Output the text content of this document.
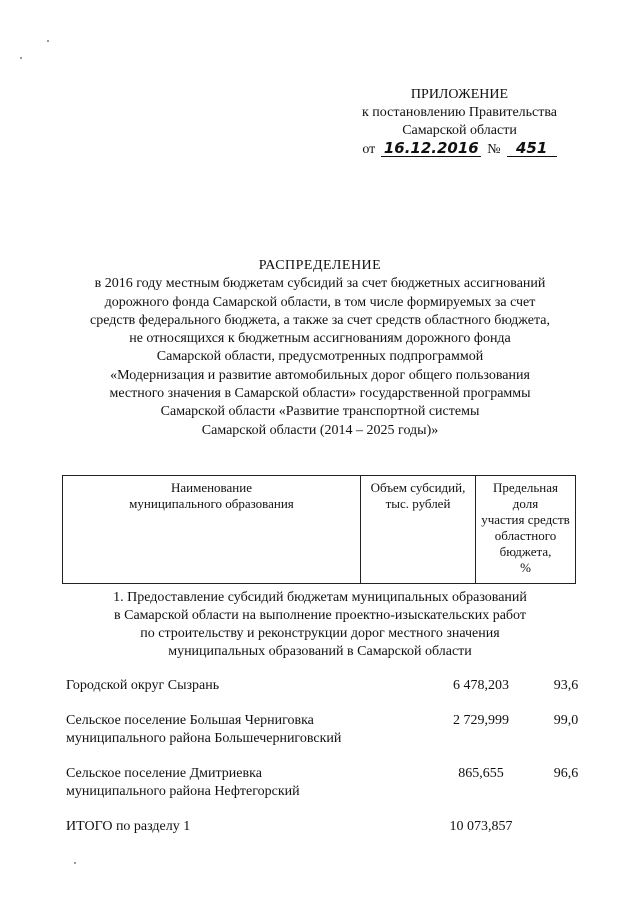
ПРИЛОЖЕНИЕ
к постановлению Правительства
Самарской области
от 16.12.2016 №	451
РАСПРЕДЕЛЕНИЕ
в 2016 году местным бюджетам субсидий за счет бюджетных ассигнований
дорожного фонда Самарской области, в том числе формируемых за счет
средств федерального бюджета, а также за счет средств областного бюджета,
не относящихся к бюджетным ассигнованиям дорожного фонда
Самарской области, предусмотренных подпрограммой
«Модернизация и развитие автомобильных дорог общего пользования
местного значения в Самарской области» государственной программы
Самарской области «Развитие транспортной системы
Самарской области (2014 – 2025 годы)»
Наименование
муниципального образования

Объем субсидий,
тыс. рублей

Предельная
доля
участия средств
областного
бюджета,
%
1. Предоставление субсидий бюджетам муниципальных образований
в Самарской области на выполнение проектно-изыскательских работ
по строительству и реконструкции дорог местного значения
муниципальных образований в Самарской области
Городской округ Сызрань	6 478,203	93,6
Сельское поселение Большая Черниговка
муниципального района Большечерниговский
2 729,999	99,0
Сельское поселение Дмитриевка
муниципального района Нефтегорский
865,655	96,6
ИТОГО по разделу 1	10 073,857
